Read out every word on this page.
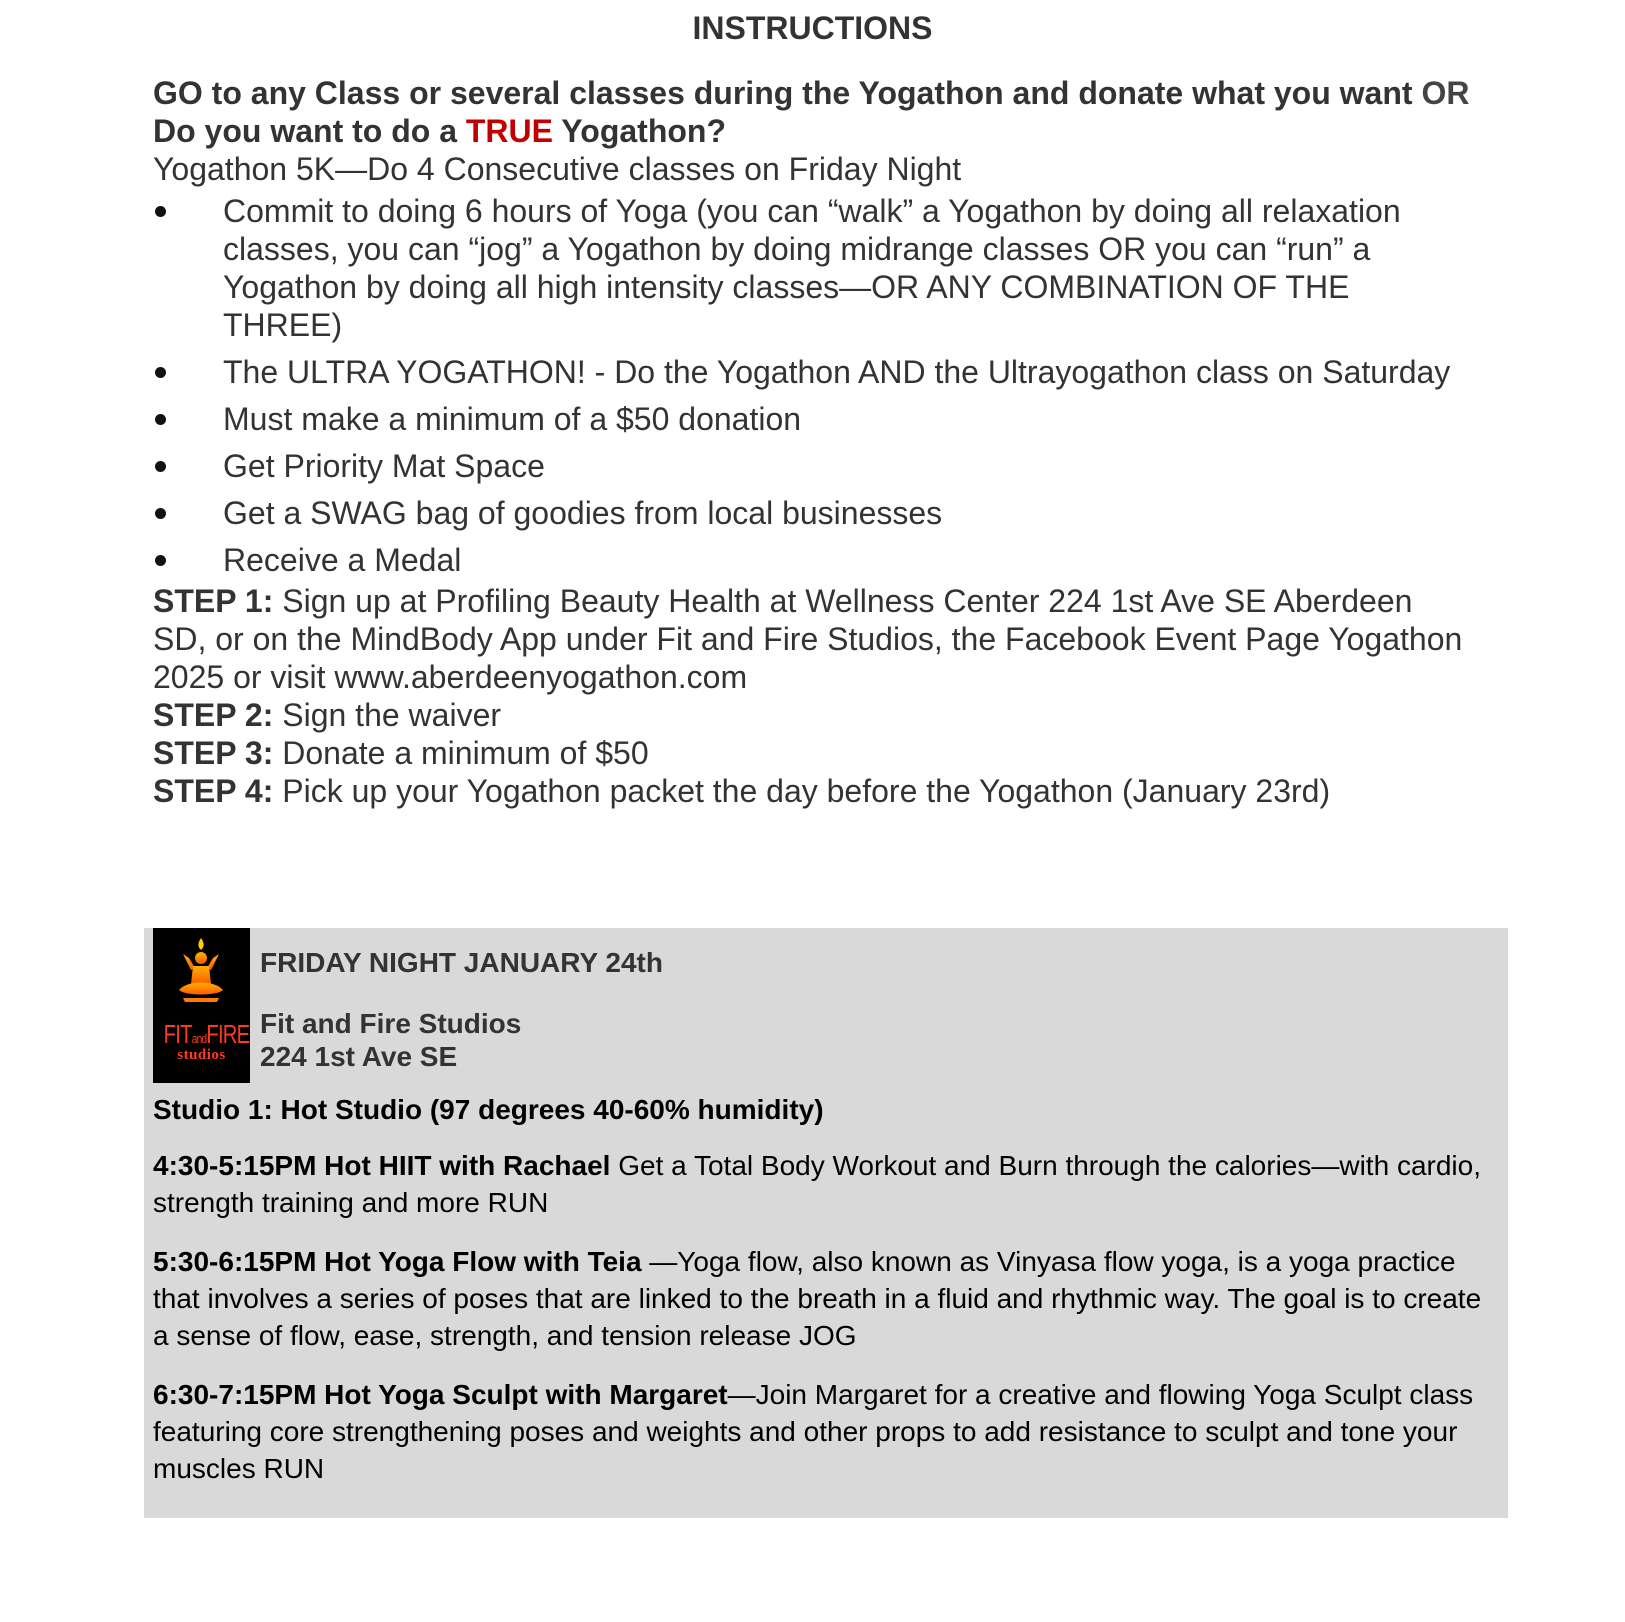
INSTRUCTIONS

GO to any Class or several classes during the Yogathon and donate what you want OR

Do you want to do a TRUE Yogathon?

Yogathon 5K—Do 4 Consecutive classes on Friday Night

Commit to doing 6 hours of Yoga (you can “walk” a Yogathon by doing all relaxation classes, you can “jog” a Yogathon by doing midrange classes OR you can “run” a Yogathon by doing all high intensity classes—OR ANY COMBINATION OF THE THREE)
The ULTRA YOGATHON! - Do the Yogathon AND the Ultrayogathon class on Saturday
Must make a minimum of a $50 donation
Get Priority Mat Space
Get a SWAG bag of goodies from local businesses
Receive a Medal

STEP 1: Sign up at Profiling Beauty Health at Wellness Center 224 1st Ave SE Aberdeen SD, or on the MindBody App under Fit and Fire Studios, the Facebook Event Page Yogathon 2025 or visit www.aberdeenyogathon.com

STEP 2: Sign the waiver

STEP 3: Donate a minimum of $50

STEP 4: Pick up your Yogathon packet the day before the Yogathon (January 23rd)

FITandFIRE
studios
FRIDAY NIGHT JANUARY 24th
Fit and Fire Studios
224 1st Ave SE

Studio 1: Hot Studio (97 degrees 40-60% humidity)

4:30-5:15PM Hot HIIT with Rachael Get a Total Body Workout and Burn through the calories—with cardio, strength training and more RUN

5:30-6:15PM Hot Yoga Flow with Teia —Yoga flow, also known as Vinyasa flow yoga, is a yoga practice that involves a series of poses that are linked to the breath in a fluid and rhythmic way. The goal is to create a sense of flow, ease, strength, and tension release JOG

6:30-7:15PM Hot Yoga Sculpt with Margaret—Join Margaret for a creative and flowing Yoga Sculpt class featuring core strengthening poses and weights and other props to add resistance to sculpt and tone your muscles RUN
